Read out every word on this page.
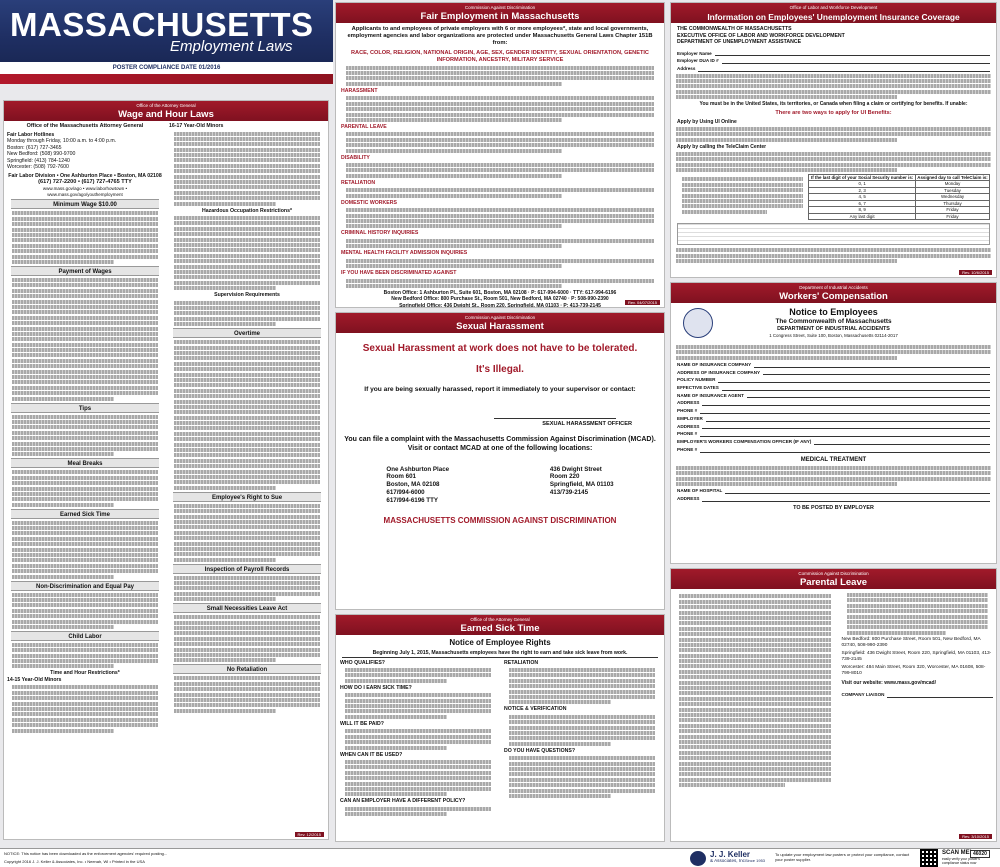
MASSACHUSETTS
Employment Laws
POSTER COMPLIANCE DATE 01/2016
Office of the Attorney General
Wage and Hour Laws
Office of the Massachusetts Attorney General
Fair Labor Hotlines
Monday through Friday, 10:00 a.m. to 4:00 p.m.
Boston: (617) 727-3465
New Bedford: (508) 990-9700
Springfield: (413) 784-1240
Worcester: (508) 792-7600
Fair Labor Division • One Ashburton Place • Boston, MA 02108
(617) 727-2200 • (617) 727-4765 TTY
www.mass.gov/ago • www.laborhowtown • www.mass.gov/ago/youthemployment
Minimum Wage $10.00
Payment of Wages
Tips
Meal Breaks
Earned Sick Time
Non-Discrimination and Equal Pay
Child Labor
Time and Hour Restrictions*
14-15 Year-Old Minors
16-17 Year-Old Minors
Hazardous Occupation Restrictions*
Supervision Requirements
Overtime
Employee's Right to Sue
Inspection of Payroll Records
Small Necessities Leave Act
No Retaliation
Rev. 12/2015
Commission Against Discrimination
Fair Employment in Massachusetts
Applicants to and employees of private employers with 6 or more employees*, state and local governments, employment agencies and labor organizations are protected under Massachusetts General Laws Chapter 151B from:
RACE, COLOR, RELIGION, NATIONAL ORIGIN, AGE, SEX, GENDER IDENTITY, SEXUAL ORIENTATION, GENETIC INFORMATION, ANCESTRY, MILITARY SERVICE
HARASSMENT
PARENTAL LEAVE
DISABILITY
RETALIATION
DOMESTIC WORKERS
CRIMINAL HISTORY INQUIRIES
MENTAL HEALTH FACILITY ADMISSION INQUIRIES
IF YOU HAVE BEEN DISCRIMINATED AGAINST
Boston Office: 1 Ashburton Pl., Suite 601, Boston, MA 02108 · P: 617-994-6000 · TTY: 617-994-6196
New Bedford Office: 800 Purchase St., Room 501, New Bedford, MA 02740 · P: 508-990-2390
Springfield Office: 436 Dwight St., Room 220, Springfield, MA 01103 · P: 413-739-2145
Rev. 04/07/2015
Commission Against Discrimination
Sexual Harassment
Sexual Harassment at work does not have to be tolerated.
It's Illegal.
If you are being sexually harassed, report it immediately to your supervisor or contact:
SEXUAL HARASSMENT OFFICER
You can file a complaint with the Massachusetts Commission Against Discrimination (MCAD). Visit or contact MCAD at one of the following locations:
One Ashburton Place
Room 601
Boston, MA 02108
617/994-6000
617/994-6196 TTY
436 Dwight Street
Room 220
Springfield, MA 01103
413/739-2145
MASSACHUSETTS COMMISSION AGAINST DISCRIMINATION
Office of the Attorney General
Earned Sick Time
Notice of Employee Rights
Beginning July 1, 2015, Massachusetts employees have the right to earn and take sick leave from work.
WHO QUALIFIES?
HOW DO I EARN SICK TIME?
WILL IT BE PAID?
WHEN CAN IT BE USED?
CAN AN EMPLOYER HAVE A DIFFERENT POLICY?
RETALIATION
NOTICE & VERIFICATION
DO YOU HAVE QUESTIONS?
Office of Labor and Workforce Development
Information on Employees' Unemployment Insurance Coverage
THE COMMONWEALTH OF MASSACHUSETTS
EXECUTIVE OFFICE OF LABOR AND WORKFORCE DEVELOPMENT
DEPARTMENT OF UNEMPLOYMENT ASSISTANCE
Employer Name
Employer DUA ID #
Address
You must be in the United States, its territories, or Canada when filing a claim or certifying for benefits. If unable:
There are two ways to apply for UI Benefits:
Apply by Using UI Online
Apply by calling the TeleClaim Center
If the last digit of your Social Security number is:	Assigned day to call TeleClaim is:
0, 1	Monday
2, 3	Tuesday
4, 5	Wednesday
6, 7	Thursday
8, 9	Friday
Any last digit	Friday
Rev. 10/6/2015
Department of Industrial Accidents
Workers' Compensation
Notice to Employees
The Commonwealth of Massachusetts
DEPARTMENT OF INDUSTRIAL ACCIDENTS
1 Congress Street, Suite 100, Boston, Massachusetts 02114-2017
NAME OF INSURANCE COMPANY
ADDRESS OF INSURANCE COMPANY
POLICY NUMBER
EFFECTIVE DATES
NAME OF INSURANCE AGENT
ADDRESS
PHONE #
EMPLOYER
ADDRESS
PHONE #
EMPLOYER'S WORKERS COMPENSATION OFFICER (IF ANY)
PHONE #
MEDICAL TREATMENT
NAME OF HOSPITAL
ADDRESS
TO BE POSTED BY EMPLOYER
Commission Against Discrimination
Parental Leave
New Bedford: 800 Purchase Street, Room 501, New Bedford, MA 02740, 508-990-2390
Springfield: 436 Dwight Street, Room 220, Springfield, MA 01103, 413-739-2145
Worcester: 484 Main Street, Room 320, Worcester, MA 01608, 508-799-8010
Visit our website: www.mass.gov/mcad/
COMPANY LIAISON
Rev. 3/10/2015
NOTICE: This notice has been downloaded as the enforcement agencies' required posting...
Copyright 2016 J. J. Keller & Associates, Inc. • Neenah, WI • Printed in the USA
J. J. Keller
& Associates, Inc.
Since 1953
To update your employment law posters or protect your compliance, contact your poster supplier.
SCAN ME!
easily verify your poster's compliance status now
46020
